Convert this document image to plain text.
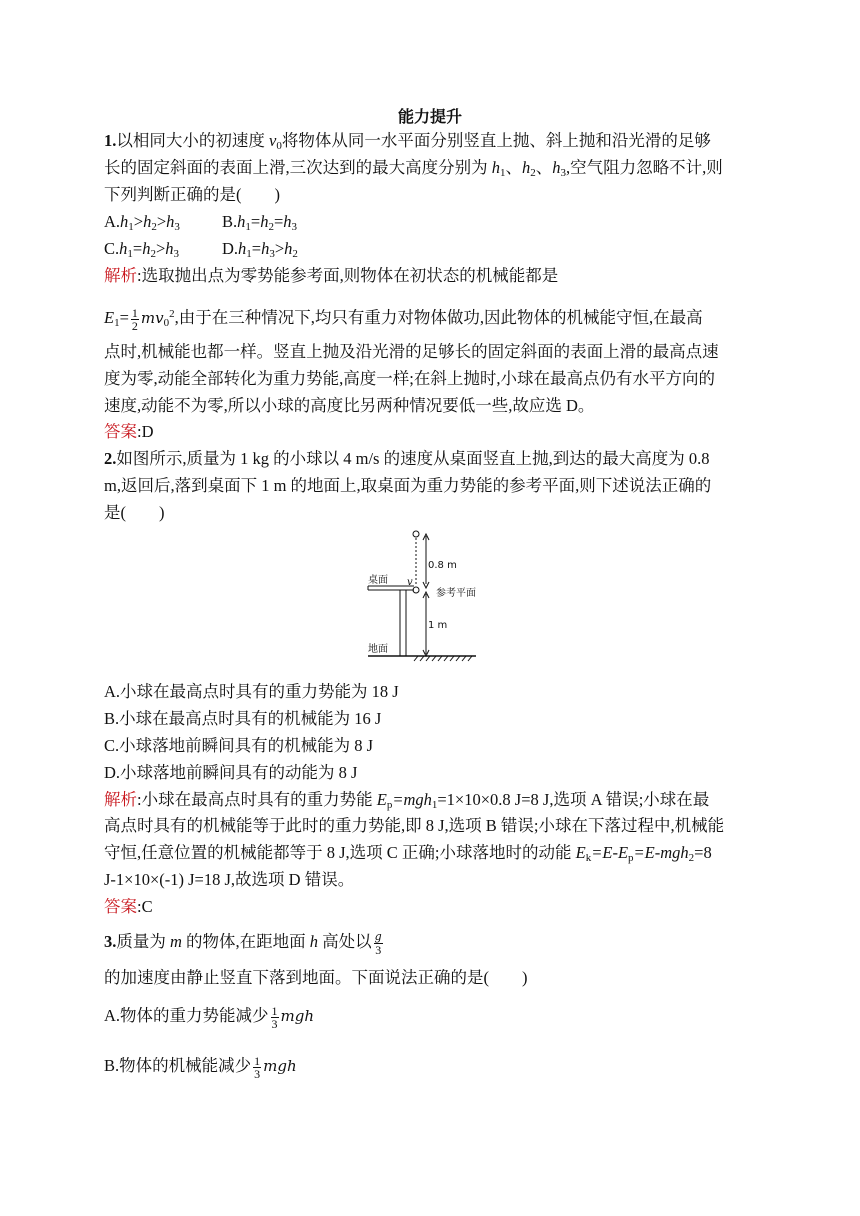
能力提升
1.以相同大小的初速度 $v_0$将物体从同一水平面分别竖直上抛、斜上抛和沿光滑的足够
长的固定斜面的表面上滑,三次达到的最大高度分别为 $h_1$、$h_2$、$h_3$,空气阻力忽略不计,则
下列判断正确的是(　　)
$A.h_1>h_2>h_3$	$B.h_1=h_2=h_3$
$C.h_1=h_2>h_3$	$D.h_1=h_3>h_2$
解析:选取抛出点为零势能参考面,则物体在初状态的机械能都是
$E_1= \frac{1}{2} mv_0^2$,由于在三种情况下,均只有重力对物体做功,因此物体的机械能守恒,在最高
点时,机械能也都一样。竖直上抛及沿光滑的足够长的固定斜面的表面上滑的最高点速
度为零,动能全部转化为重力势能,高度一样;在斜上抛时,小球在最高点仍有水平方向的
速度,动能不为零,所以小球的高度比另两种情况要低一些,故应选 D。
答案:D
2.如图所示,质量为 1 kg 的小球以 4 m/s 的速度从桌面竖直上抛,到达的最大高度为 0.8
m,返回后,落到桌面下 1 m 的地面上,取桌面为重力势能的参考平面,则下述说法正确的
是(　　)
桌面
地面
参考平面
0.8 m
1 m
v
A.小球在最高点时具有的重力势能为 18 J
B.小球在最高点时具有的机械能为 16 J
C.小球落地前瞬间具有的机械能为 8 J
D.小球落地前瞬间具有的动能为 8 J
解析:小球在最高点时具有的重力势能 $E_p=mgh_1=1\times 10\times 0.8$ J=8 J,选项 A 错误;小球在最
高点时具有的机械能等于此时的重力势能,即 8 J,选项 B 错误;小球在下落过程中,机械能
守恒,任意位置的机械能都等于 8 J,选项 C 正确;小球落地时的动能 $E_k=E-E_p=E-mgh_2=8$
J-1×10×(-1) J=18 J,故选项 D 错误。
答案:C
3.质量为 m 的物体,在距地面 h 高处以 $\frac{g}{3}$
的加速度由静止竖直下落到地面。下面说法正确的是(　　)
A.物体的重力势能减少 $\frac{1}{3}$ mgh
B.物体的机械能减少 $\frac{1}{3}$ mgh
